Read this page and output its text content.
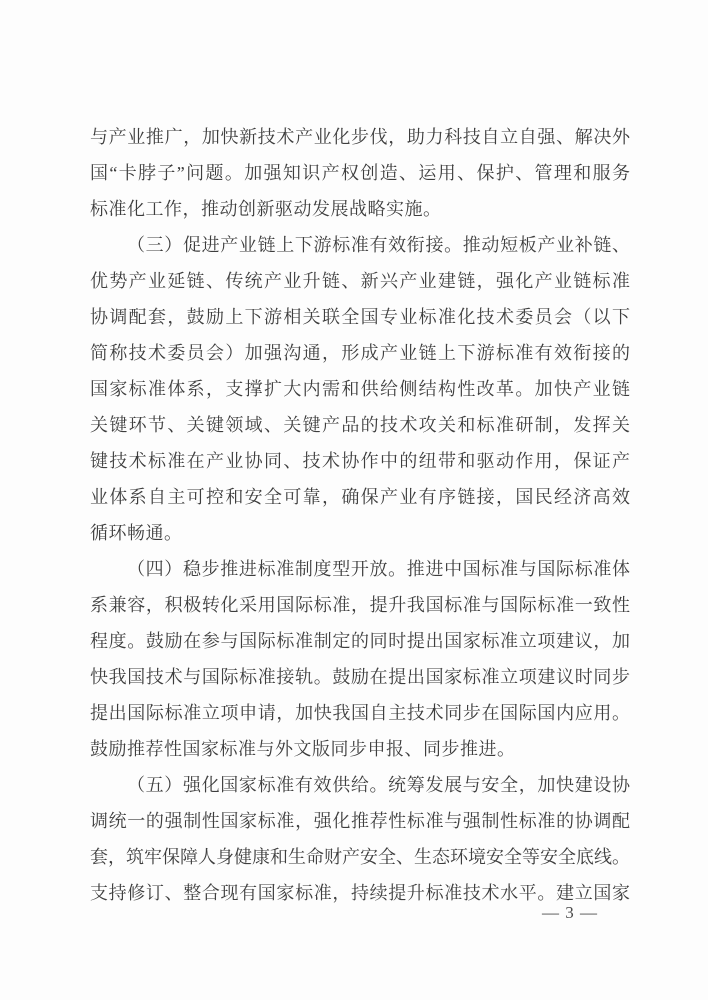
与产业推广，加快新技术产业化步伐，助力科技自立自强、解决外
国“卡脖子”问题。加强知识产权创造、运用、保护、管理和服务
标准化工作，推动创新驱动发展战略实施。
（三）促进产业链上下游标准有效衔接。推动短板产业补链、
优势产业延链、传统产业升链、新兴产业建链，强化产业链标准
协调配套，鼓励上下游相关联全国专业标准化技术委员会（以下
简称技术委员会）加强沟通，形成产业链上下游标准有效衔接的
国家标准体系，支撑扩大内需和供给侧结构性改革。加快产业链
关键环节、关键领域、关键产品的技术攻关和标准研制，发挥关
键技术标准在产业协同、技术协作中的纽带和驱动作用，保证产
业体系自主可控和安全可靠，确保产业有序链接，国民经济高效
循环畅通。
（四）稳步推进标准制度型开放。推进中国标准与国际标准体
系兼容，积极转化采用国际标准，提升我国标准与国际标准一致性
程度。鼓励在参与国际标准制定的同时提出国家标准立项建议，加
快我国技术与国际标准接轨。鼓励在提出国家标准立项建议时同步
提出国际标准立项申请，加快我国自主技术同步在国际国内应用。
鼓励推荐性国家标准与外文版同步申报、同步推进。
（五）强化国家标准有效供给。统筹发展与安全，加快建设协
调统一的强制性国家标准，强化推荐性标准与强制性标准的协调配
套，筑牢保障人身健康和生命财产安全、生态环境安全等安全底线。
支持修订、整合现有国家标准，持续提升标准技术水平。建立国家
— 3 —
